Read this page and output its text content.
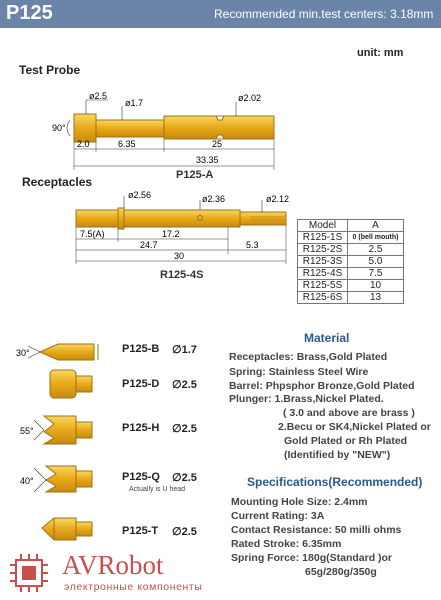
P125	Recommended min.test centers: 3.18mm
unit: mm
Test Probe
ø2.5
ø1.7	ø2.02
90°
2.0	6.35	25
33.35
P125-A
Receptacles
ø2.56	ø2.36	ø2.12
7.5(A)	17.2
24.7	5.3
30
R125-4S
Model	A
R125-1S	0 (bell mouth)
R125-2S	2.5
R125-3S	5.0
R125-4S	7.5
R125-5S	10
R125-6S	13
30°
55°
40°
P125-B ∅1.7
P125-D ∅2.5
P125-H ∅2.5
P125-Q ∅2.5
Actually is U head
P125-T ∅2.5
Material
Receptacles: Brass,Gold Plated
Spring: Stainless Steel Wire
Barrel: Phpsphor Bronze,Gold Plated
Plunger: 1.Brass,Nickel Plated.
( 3.0 and above are brass )
2.Becu or SK4,Nickel Plated or
Gold Plated or Rh Plated
(Identified by "NEW")
Specifications(Recommended)
Mounting Hole Size: 2.4mm
Current Rating: 3A
Contact Resistance: 50 milli ohms
Rated Stroke: 6.35mm
Spring Force: 180g(Standard )or
65g/280g/350g
AVRobot
электронные компоненты
